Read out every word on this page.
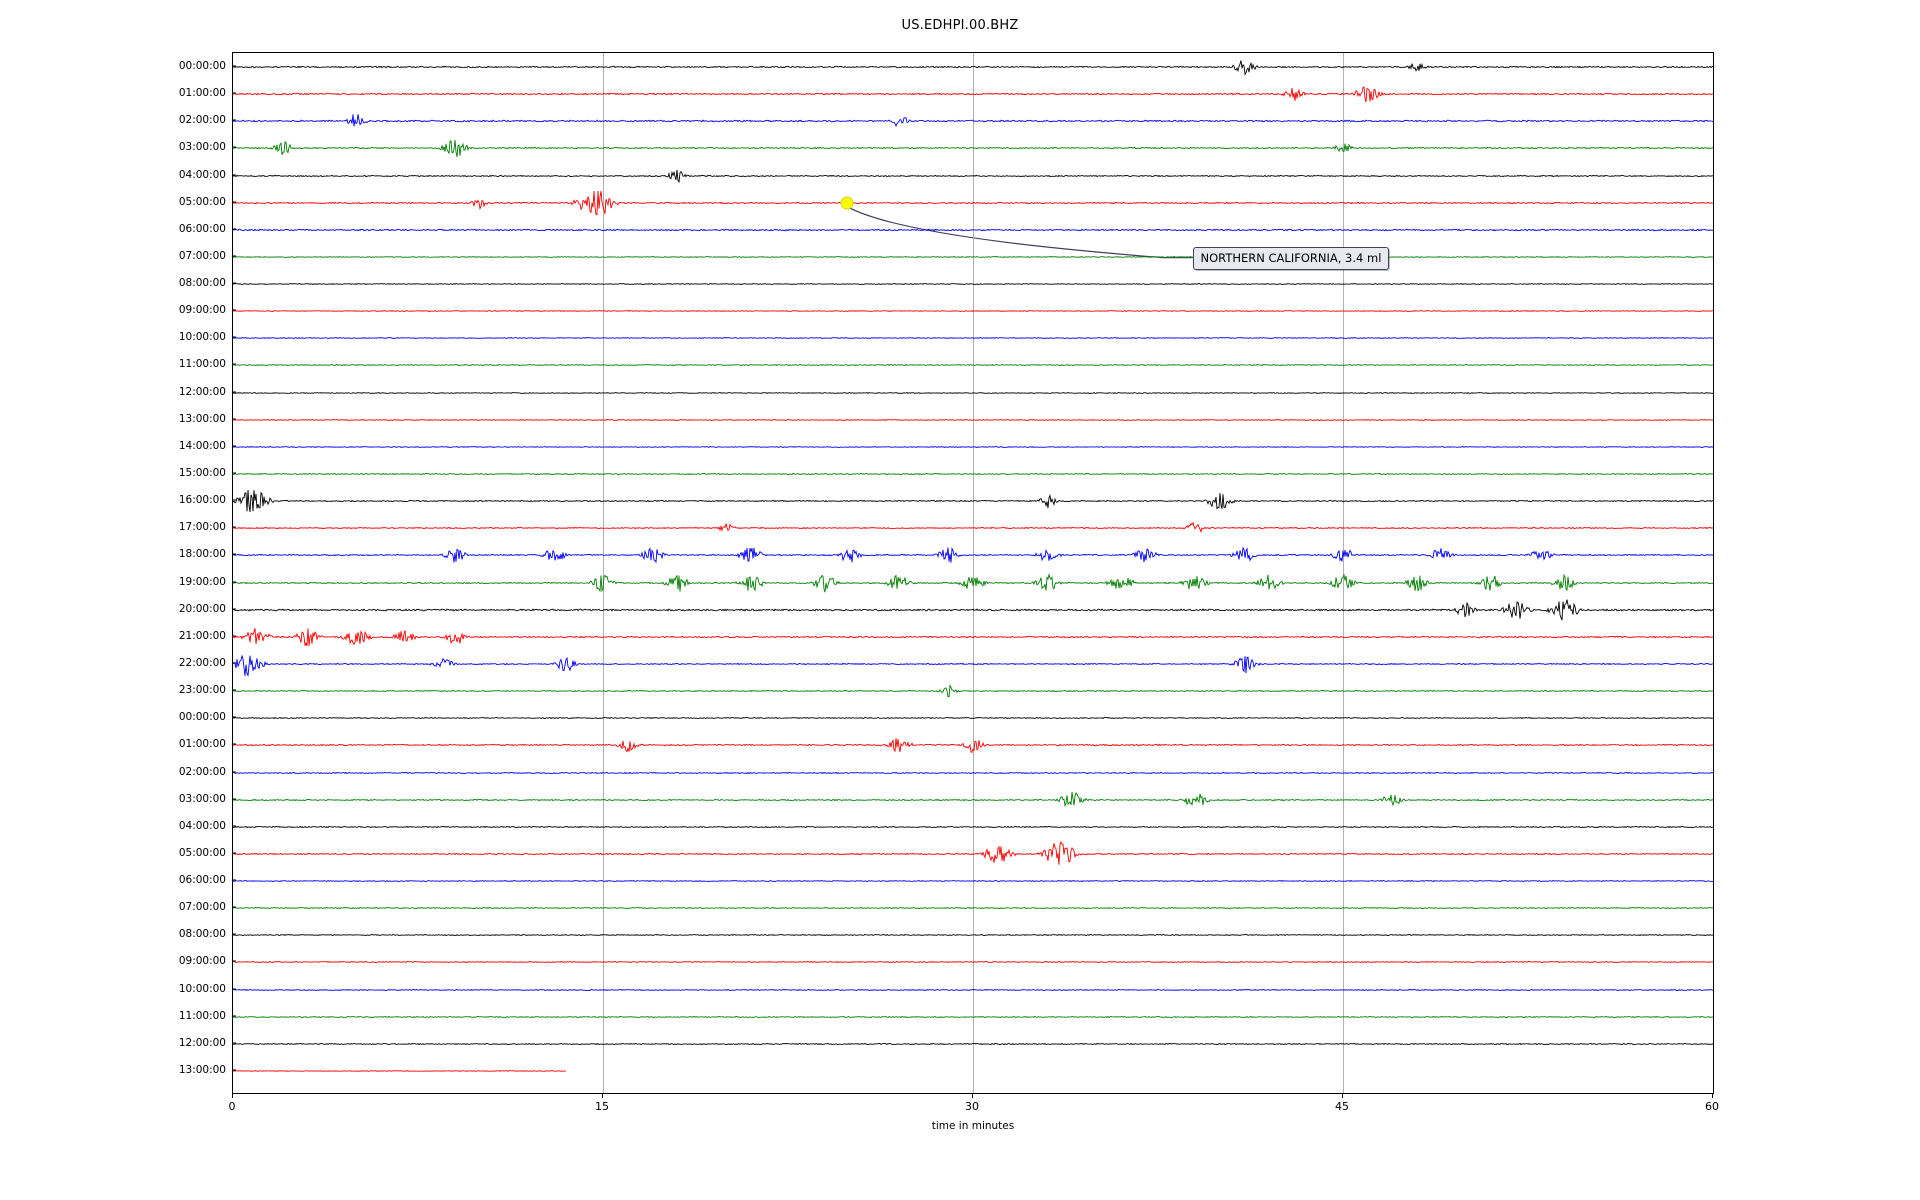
US.EDHPI.00.BHZ
00:00:00
01:00:00
02:00:00
03:00:00
04:00:00
05:00:00
06:00:00
07:00:00
08:00:00
09:00:00
10:00:00
11:00:00
12:00:00
13:00:00
14:00:00
15:00:00
16:00:00
17:00:00
18:00:00
19:00:00
20:00:00
21:00:00
22:00:00
23:00:00
00:00:00
01:00:00
02:00:00
03:00:00
04:00:00
05:00:00
06:00:00
07:00:00
08:00:00
09:00:00
10:00:00
11:00:00
12:00:00
13:00:00
NORTHERN CALIFORNIA, 3.4 ml
0	15	30	45	60
time in minutes
